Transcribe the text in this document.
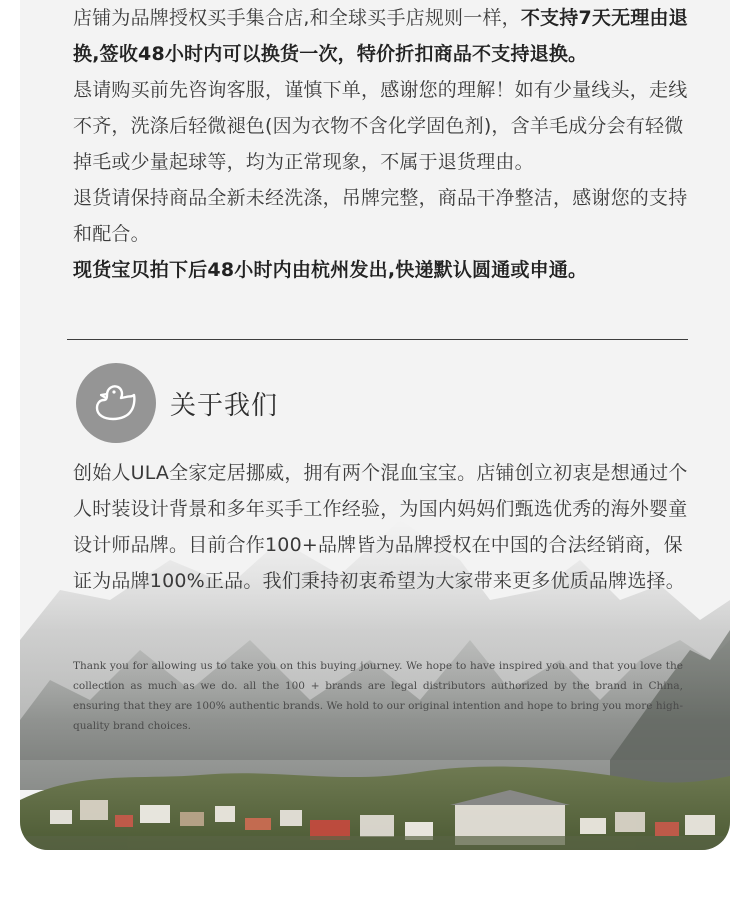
关于我们

店铺为品牌授权买手集合店,和全球买手店规则一样，不支持7天无理由退换,签收48小时内可以换货一次，特价折扣商品不支持退换。

恳请购买前先咨询客服，谨慎下单，感谢您的理解！如有少量线头，走线不齐，洗涤后轻微褪色(因为衣物不含化学固色剂)，含羊毛成分会有轻微掉毛或少量起球等，均为正常现象，不属于退货理由。

退货请保持商品全新未经洗涤，吊牌完整，商品干净整洁，感谢您的支持和配合。

现货宝贝拍下后48小时内由杭州发出,快递默认圆通或申通。

创始人ULA全家定居挪威，拥有两个混血宝宝。店铺创立初衷是想通过个人时装设计背景和多年买手工作经验，为国内妈妈们甄选优秀的海外婴童设计师品牌。目前合作100+品牌皆为品牌授权在中国的合法经销商，保证为品牌100%正品。我们秉持初衷希望为大家带来更多优质品牌选择。

Thank you for allowing us to take you on this buying journey. We hope to have inspired you and that you love the collection as much as we do. all the 100 + brands are legal distributors authorized by the brand in China, ensuring that they are 100% authentic brands. We hold to our original intention and hope to bring you more high-quality brand choices.
